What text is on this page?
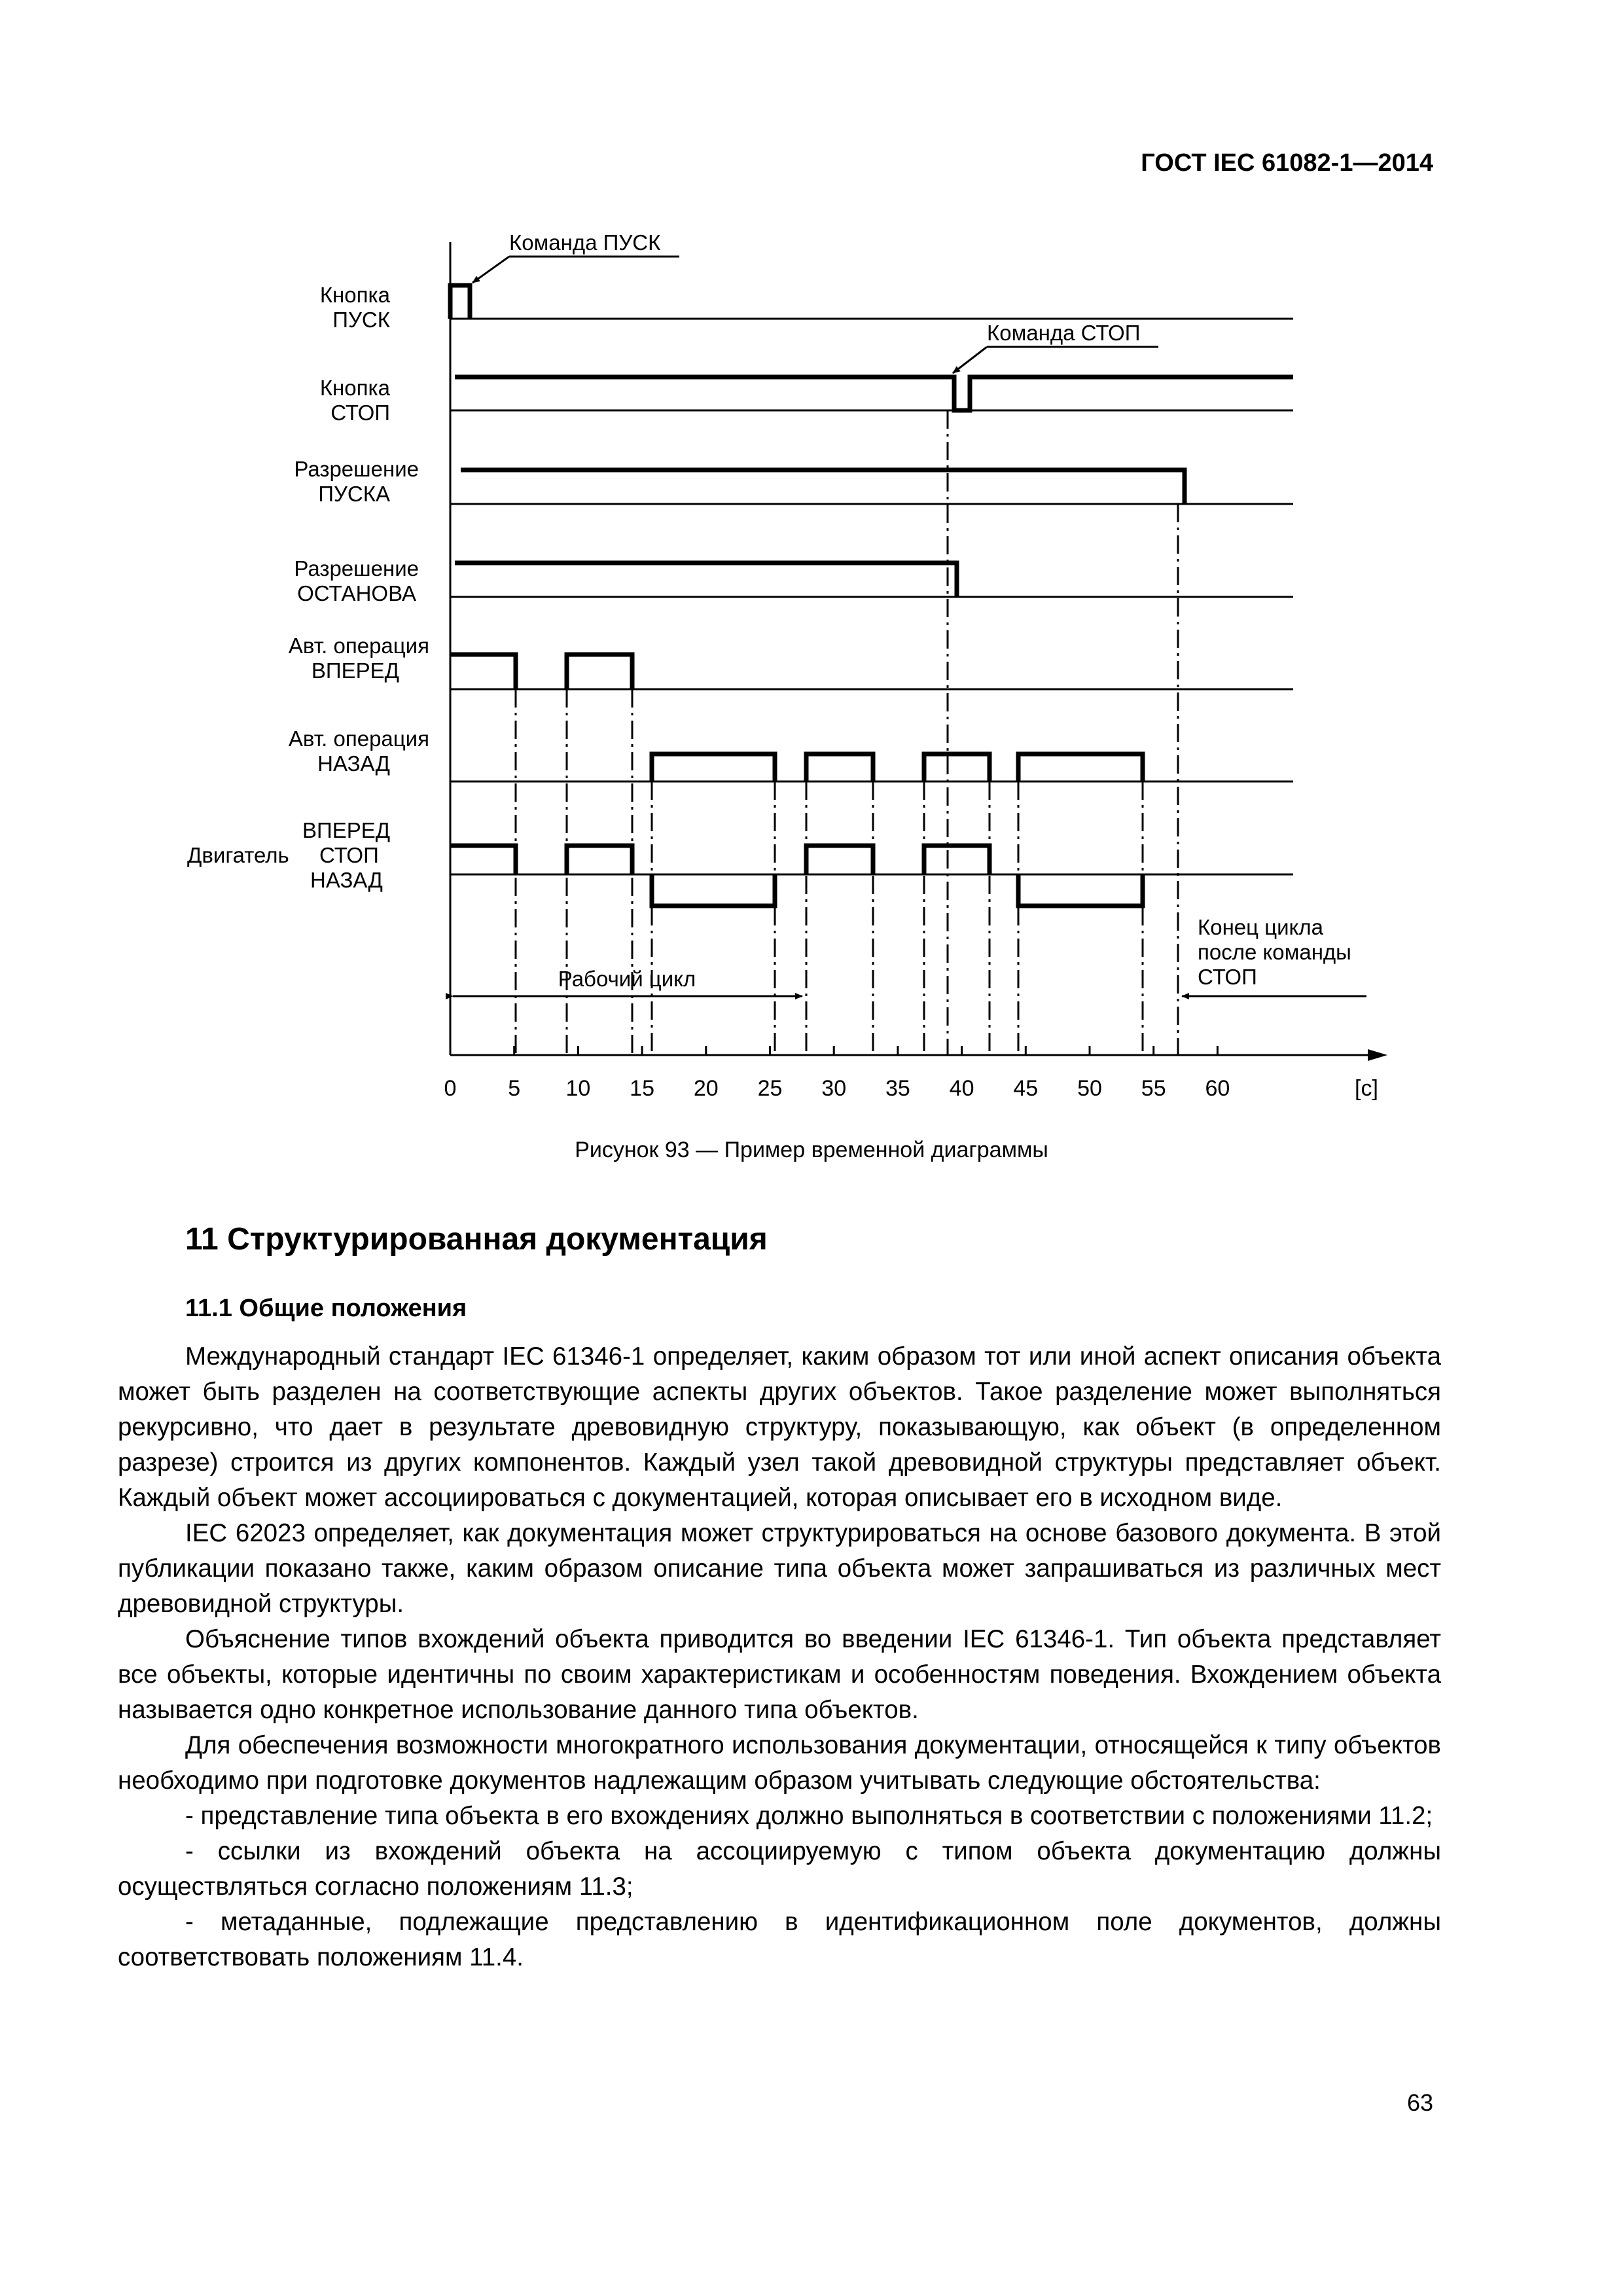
ГОСТ IEC 61082-1—2014
0 5 10 15 20 25 30 35 40 45 50 55 60	[с]
Кнопка ПУСК
Кнопка СТОП
Разрешение ПУСКА
Разрешение ОСТАНОВА
Авт. операция ВПЕРЕД
Авт. операция НАЗАД
Двигатель
ВПЕРЕД
СТОП
НАЗАД
Команда ПУСК
Команда СТОП
Рабочий цикл
Конец цикла после команды СТОП
Рисунок 93 — Пример временной диаграммы
11 Структурированная документация
11.1 Общие положения

Международный стандарт IEC 61346-1 определяет, каким образом тот или иной аспект описания объекта может быть разделен на соответствующие аспекты других объектов. Такое разделение может выполняться рекурсивно, что дает в результате древовидную структуру, показывающую, как объект (в определенном разрезе) строится из других компонентов. Каждый узел такой древовидной структуры представляет объект. Каждый объект может ассоциироваться с документацией, которая описывает его в исходном виде.

IEC 62023 определяет, как документация может структурироваться на основе базового документа. В этой публикации показано также, каким образом описание типа объекта может запрашиваться из различных мест древовидной структуры.

Объяснение типов вхождений объекта приводится во введении IEC 61346-1. Тип объекта представляет все объекты, которые идентичны по своим характеристикам и особенностям поведения. Вхождением объекта называется одно конкретное использование данного типа объектов.

Для обеспечения возможности многократного использования документации, относящейся к типу объектов необходимо при подготовке документов надлежащим образом учитывать следующие обстоятельства:

- представление типа объекта в его вхождениях должно выполняться в соответствии с положениями 11.2;

- ссылки из вхождений объекта на ассоциируемую с типом объекта документацию должны осуществляться согласно положениям 11.3;

- метаданные, подлежащие представлению в идентификационном поле документов, должны соответствовать положениям 11.4.

63
